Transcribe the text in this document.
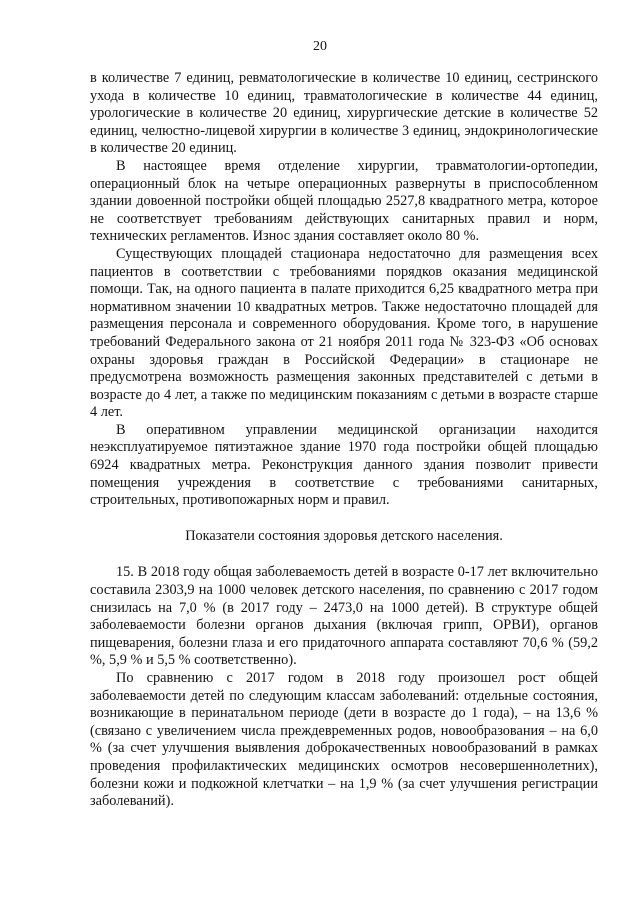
20

в количестве 7 единиц, ревматологические в количестве 10 единиц, сестринского ухода в количестве 10 единиц, травматологические в количестве 44 единиц, урологические в количестве 20 единиц, хирургические детские в количестве 52 единиц, челюстно-лицевой хирургии в количестве 3 единиц, эндокринологические в количестве 20 единиц.

В настоящее время отделение хирургии, травматологии-ортопедии, операционный блок на четыре операционных развернуты в приспособленном здании довоенной постройки общей площадью 2527,8 квадратного метра, которое не соответствует требованиям действующих санитарных правил и норм, технических регламентов. Износ здания составляет около 80 %.

Существующих площадей стационара недостаточно для размещения всех пациентов в соответствии с требованиями порядков оказания медицинской помощи. Так, на одного пациента в палате приходится 6,25 квадратного метра при нормативном значении 10 квадратных метров. Также недостаточно площадей для размещения персонала и современного оборудования. Кроме того, в нарушение требований Федерального закона от 21 ноября 2011 года № 323-ФЗ «Об основах охраны здоровья граждан в Российской Федерации» в стационаре не предусмотрена возможность размещения законных представителей с детьми в возрасте до 4 лет, а также по медицинским показаниям с детьми в возрасте старше 4 лет.

В оперативном управлении медицинской организации находится неэксплуатируемое пятиэтажное здание 1970 года постройки общей площадью 6924 квадратных метра. Реконструкция данного здания позволит привести помещения учреждения в соответствие с требованиями санитарных, строительных, противопожарных норм и правил.

Показатели состояния здоровья детского населения.

15. В 2018 году общая заболеваемость детей в возрасте 0-17 лет включительно составила 2303,9 на 1000 человек детского населения, по сравнению с 2017 годом снизилась на 7,0 % (в 2017 году – 2473,0 на 1000 детей). В структуре общей заболеваемости болезни органов дыхания (включая грипп, ОРВИ), органов пищеварения, болезни глаза и его придаточного аппарата составляют 70,6 % (59,2 %, 5,9 % и 5,5 % соответственно).

По сравнению с 2017 годом в 2018 году произошел рост общей заболеваемости детей по следующим классам заболеваний: отдельные состояния, возникающие в перинатальном периоде (дети в возрасте до 1 года), – на 13,6 % (связано с увеличением числа преждевременных родов, новообразования – на 6,0 % (за счет улучшения выявления доброкачественных новообразований в рамках проведения профилактических медицинских осмотров несовершеннолетних), болезни кожи и подкожной клетчатки – на 1,9 % (за счет улучшения регистрации заболеваний).
